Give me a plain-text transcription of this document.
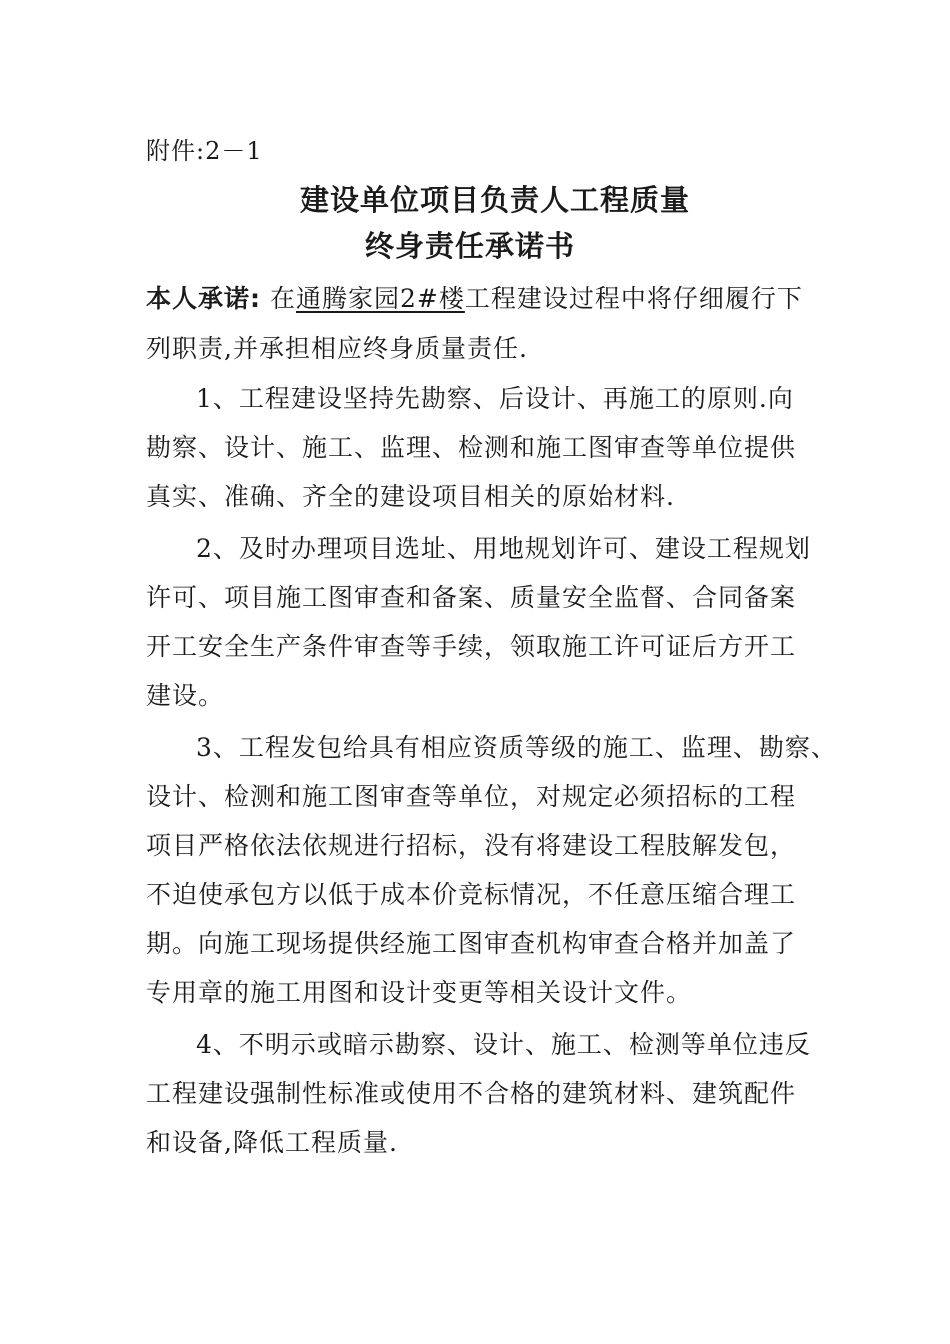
附件:2－1
建设单位项目负责人工程质量
终身责任承诺书
本人承诺: 在通腾家园2#楼工程建设过程中将仔细履行下
列职责,并承担相应终身质量责任.
1、工程建设坚持先勘察、后设计、再施工的原则.向
勘察、设计、施工、监理、检测和施工图审查等单位提供
真实、准确、齐全的建设项目相关的原始材料.
2、及时办理项目选址、用地规划许可、建设工程规划
许可、项目施工图审查和备案、质量安全监督、合同备案
开工安全生产条件审查等手续，领取施工许可证后方开工
建设。
3、工程发包给具有相应资质等级的施工、监理、勘察、
设计、检测和施工图审查等单位，对规定必须招标的工程
项目严格依法依规进行招标，没有将建设工程肢解发包，
不迫使承包方以低于成本价竞标情况，不任意压缩合理工
期。向施工现场提供经施工图审查机构审查合格并加盖了
专用章的施工用图和设计变更等相关设计文件。
4、不明示或暗示勘察、设计、施工、检测等单位违反
工程建设强制性标准或使用不合格的建筑材料、建筑配件
和设备,降低工程质量.
